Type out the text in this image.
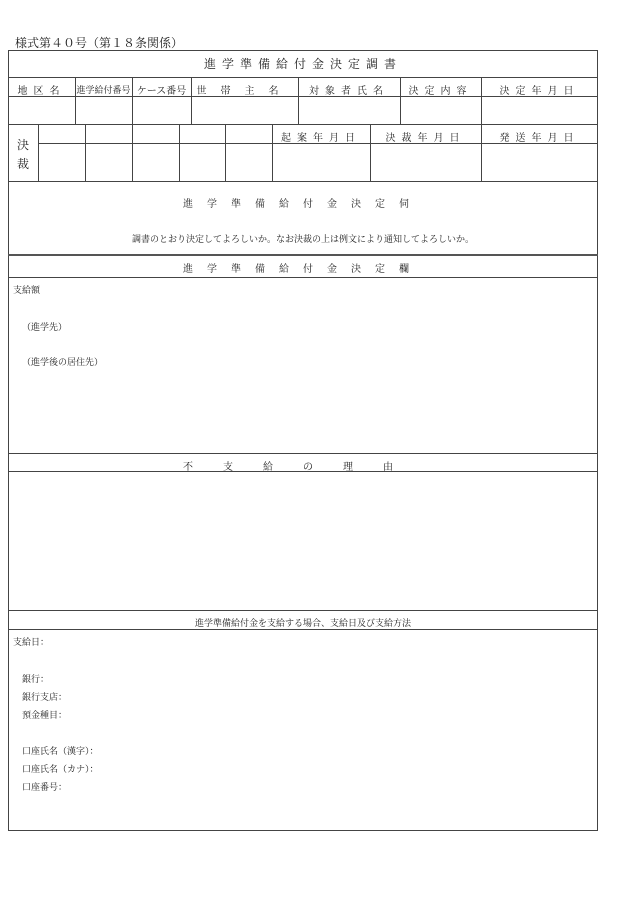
様式第４０号（第１８条関係）
進学準備給付金決定調書
地区名	進学給付番号 ケース番号	世帯主名	対象者氏名	決定内容	決定年月日
決
裁
起案年月日	決裁年月日	発送年月日
進学準備給付金決定伺
調書のとおり決定してよろしいか。なお決裁の上は例文により通知してよろしいか。
進学準備給付金決定欄
支給額
（進学先）
（進学後の居住先）
不支給の理由
進学準備給付金を支給する場合、支給日及び支給方法
支給日：
銀行：
銀行支店：
預金種目：
口座氏名（漢字）：
口座氏名（カナ）：
口座番号：
